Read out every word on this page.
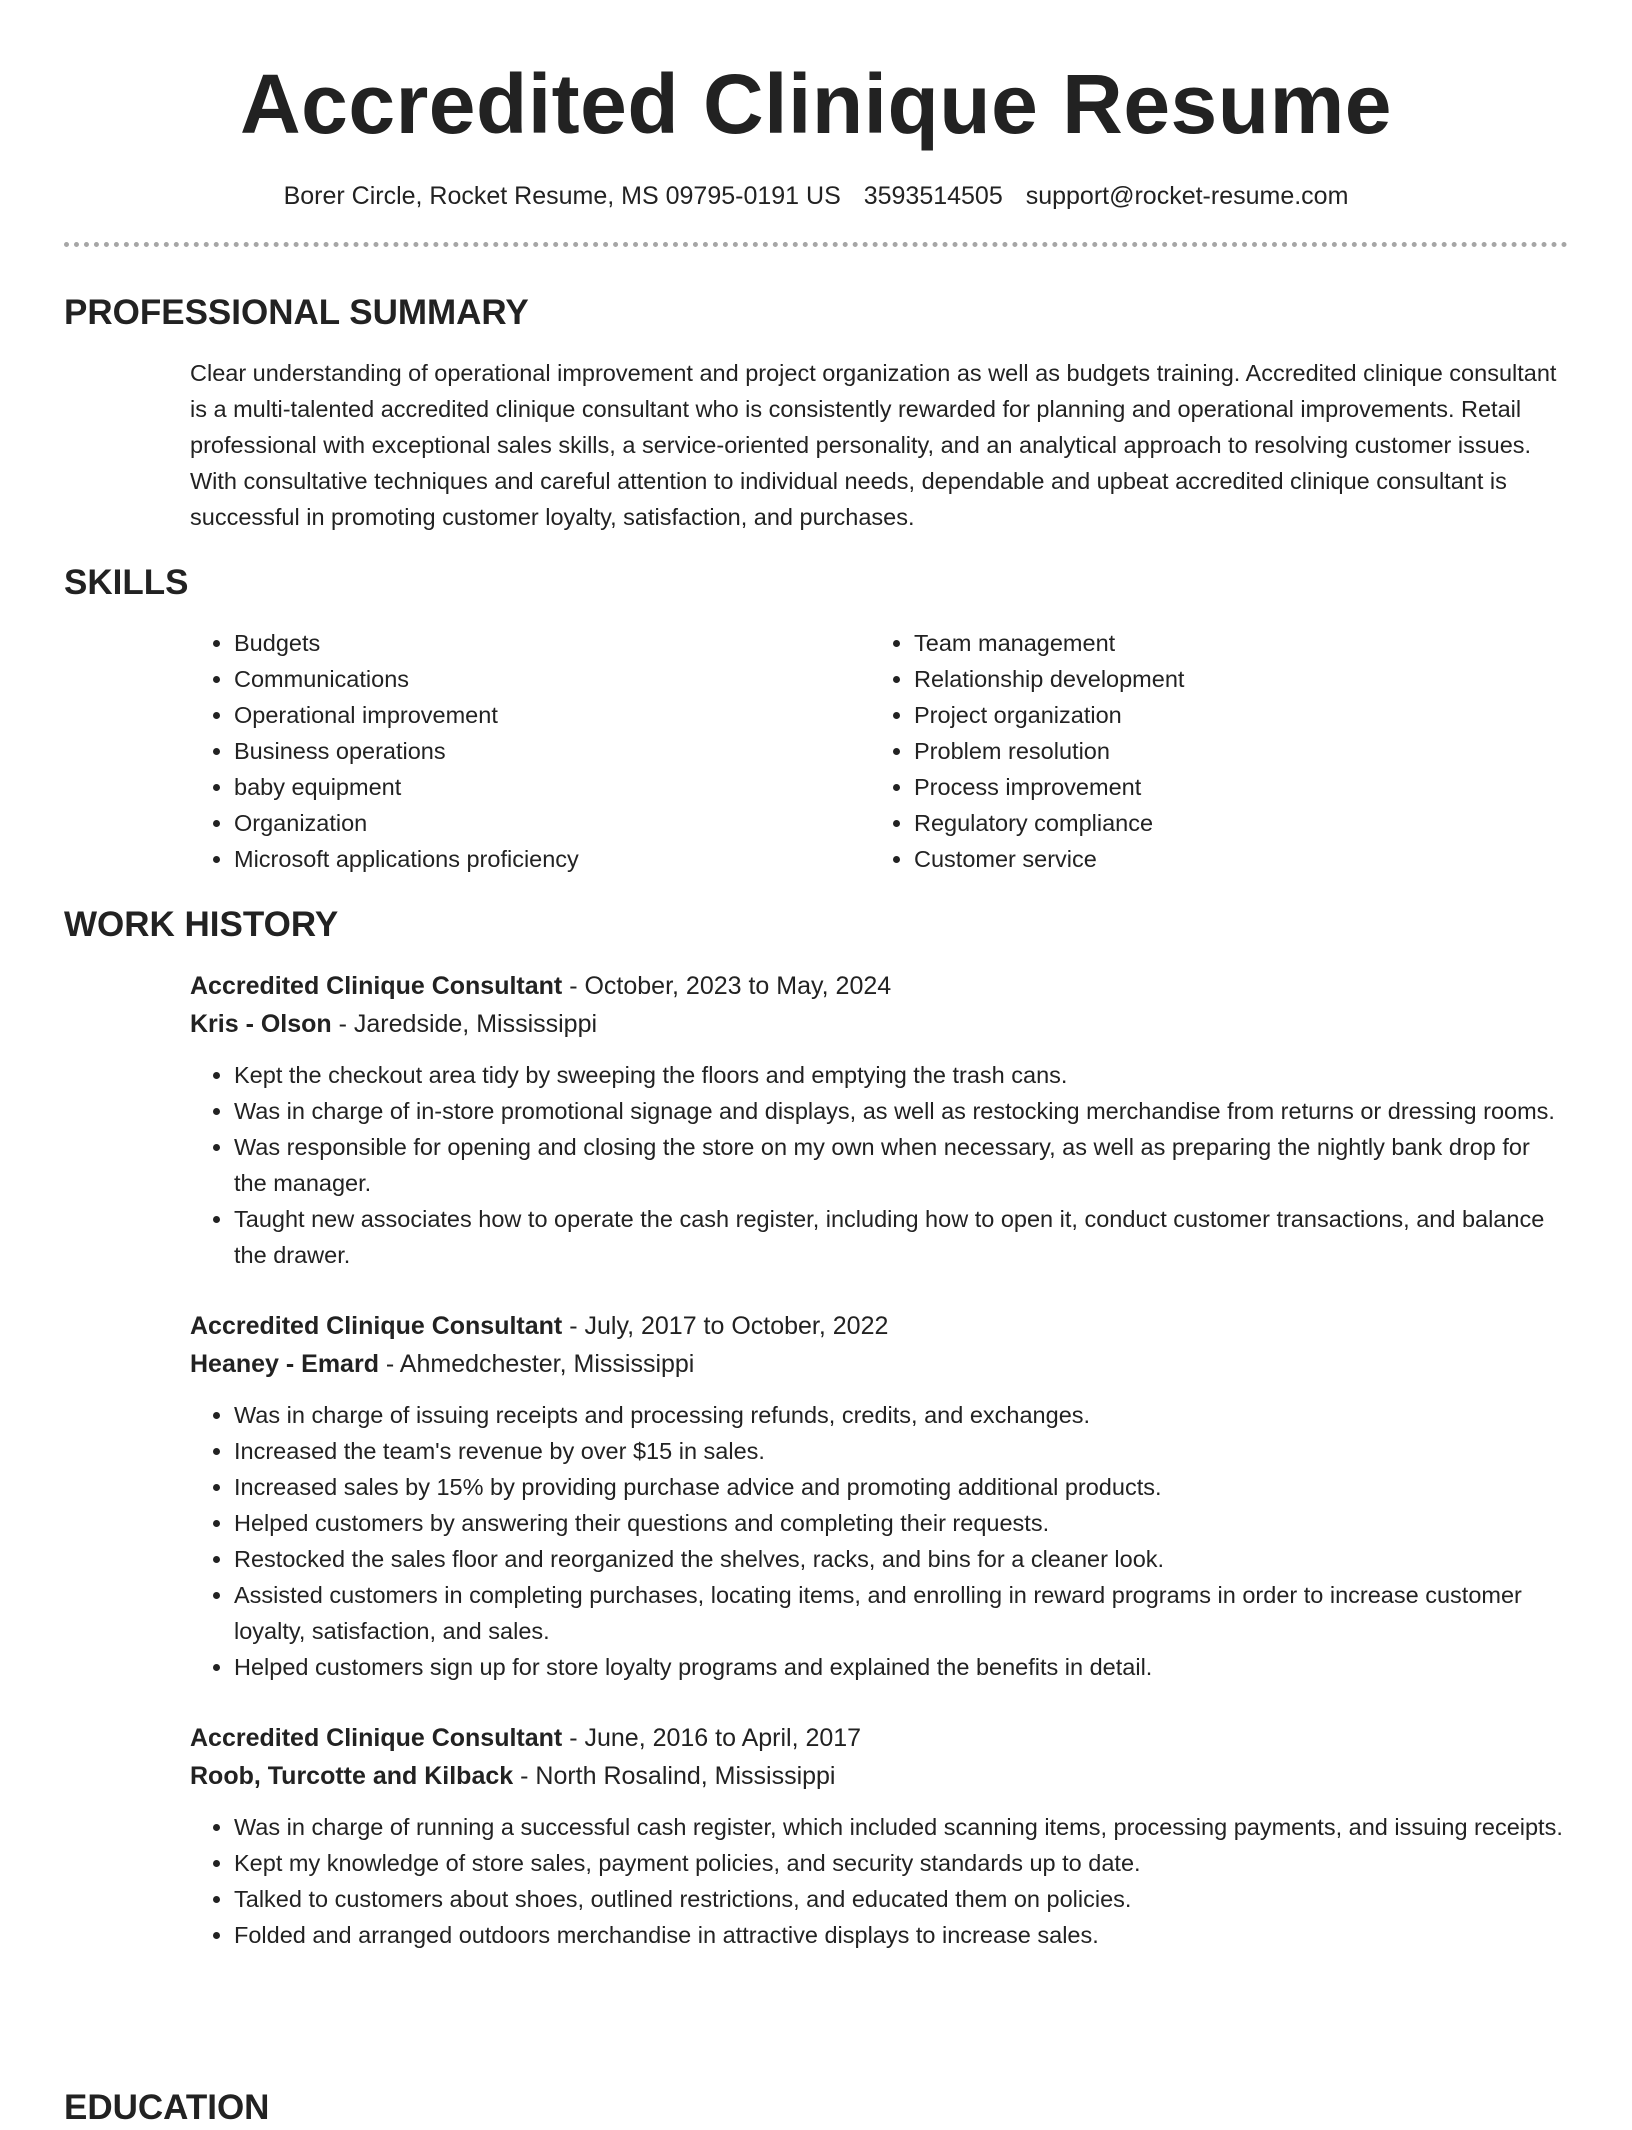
Accredited Clinique Resume
Borer Circle, Rocket Resume, MS 09795-0191 US 3593514505 support@rocket-resume.com
PROFESSIONAL SUMMARY
Clear understanding of operational improvement and project organization as well as budgets training. Accredited clinique consultant is a multi-talented accredited clinique consultant who is consistently rewarded for planning and operational improvements. Retail professional with exceptional sales skills, a service-oriented personality, and an analytical approach to resolving customer issues. With consultative techniques and careful attention to individual needs, dependable and upbeat accredited clinique consultant is successful in promoting customer loyalty, satisfaction, and purchases.
SKILLS
• Budgets
• Communications
• Operational improvement
• Business operations
• baby equipment
• Organization
• Microsoft applications proficiency
• Team management
• Relationship development
• Project organization
• Problem resolution
• Process improvement
• Regulatory compliance
• Customer service
WORK HISTORY
Accredited Clinique Consultant - October, 2023 to May, 2024
Kris - Olson - Jaredside, Mississippi
• Kept the checkout area tidy by sweeping the floors and emptying the trash cans.
• Was in charge of in-store promotional signage and displays, as well as restocking merchandise from returns or dressing rooms.
• Was responsible for opening and closing the store on my own when necessary, as well as preparing the nightly bank drop for the manager.
• Taught new associates how to operate the cash register, including how to open it, conduct customer transactions, and balance the drawer.
Accredited Clinique Consultant - July, 2017 to October, 2022
Heaney - Emard - Ahmedchester, Mississippi
• Was in charge of issuing receipts and processing refunds, credits, and exchanges.
• Increased the team's revenue by over $15 in sales.
• Increased sales by 15% by providing purchase advice and promoting additional products.
• Helped customers by answering their questions and completing their requests.
• Restocked the sales floor and reorganized the shelves, racks, and bins for a cleaner look.
• Assisted customers in completing purchases, locating items, and enrolling in reward programs in order to increase customer loyalty, satisfaction, and sales.
• Helped customers sign up for store loyalty programs and explained the benefits in detail.
Accredited Clinique Consultant - June, 2016 to April, 2017
Roob, Turcotte and Kilback - North Rosalind, Mississippi
• Was in charge of running a successful cash register, which included scanning items, processing payments, and issuing receipts.
• Kept my knowledge of store sales, payment policies, and security standards up to date.
• Talked to customers about shoes, outlined restrictions, and educated them on policies.
• Folded and arranged outdoors merchandise in attractive displays to increase sales.
EDUCATION
